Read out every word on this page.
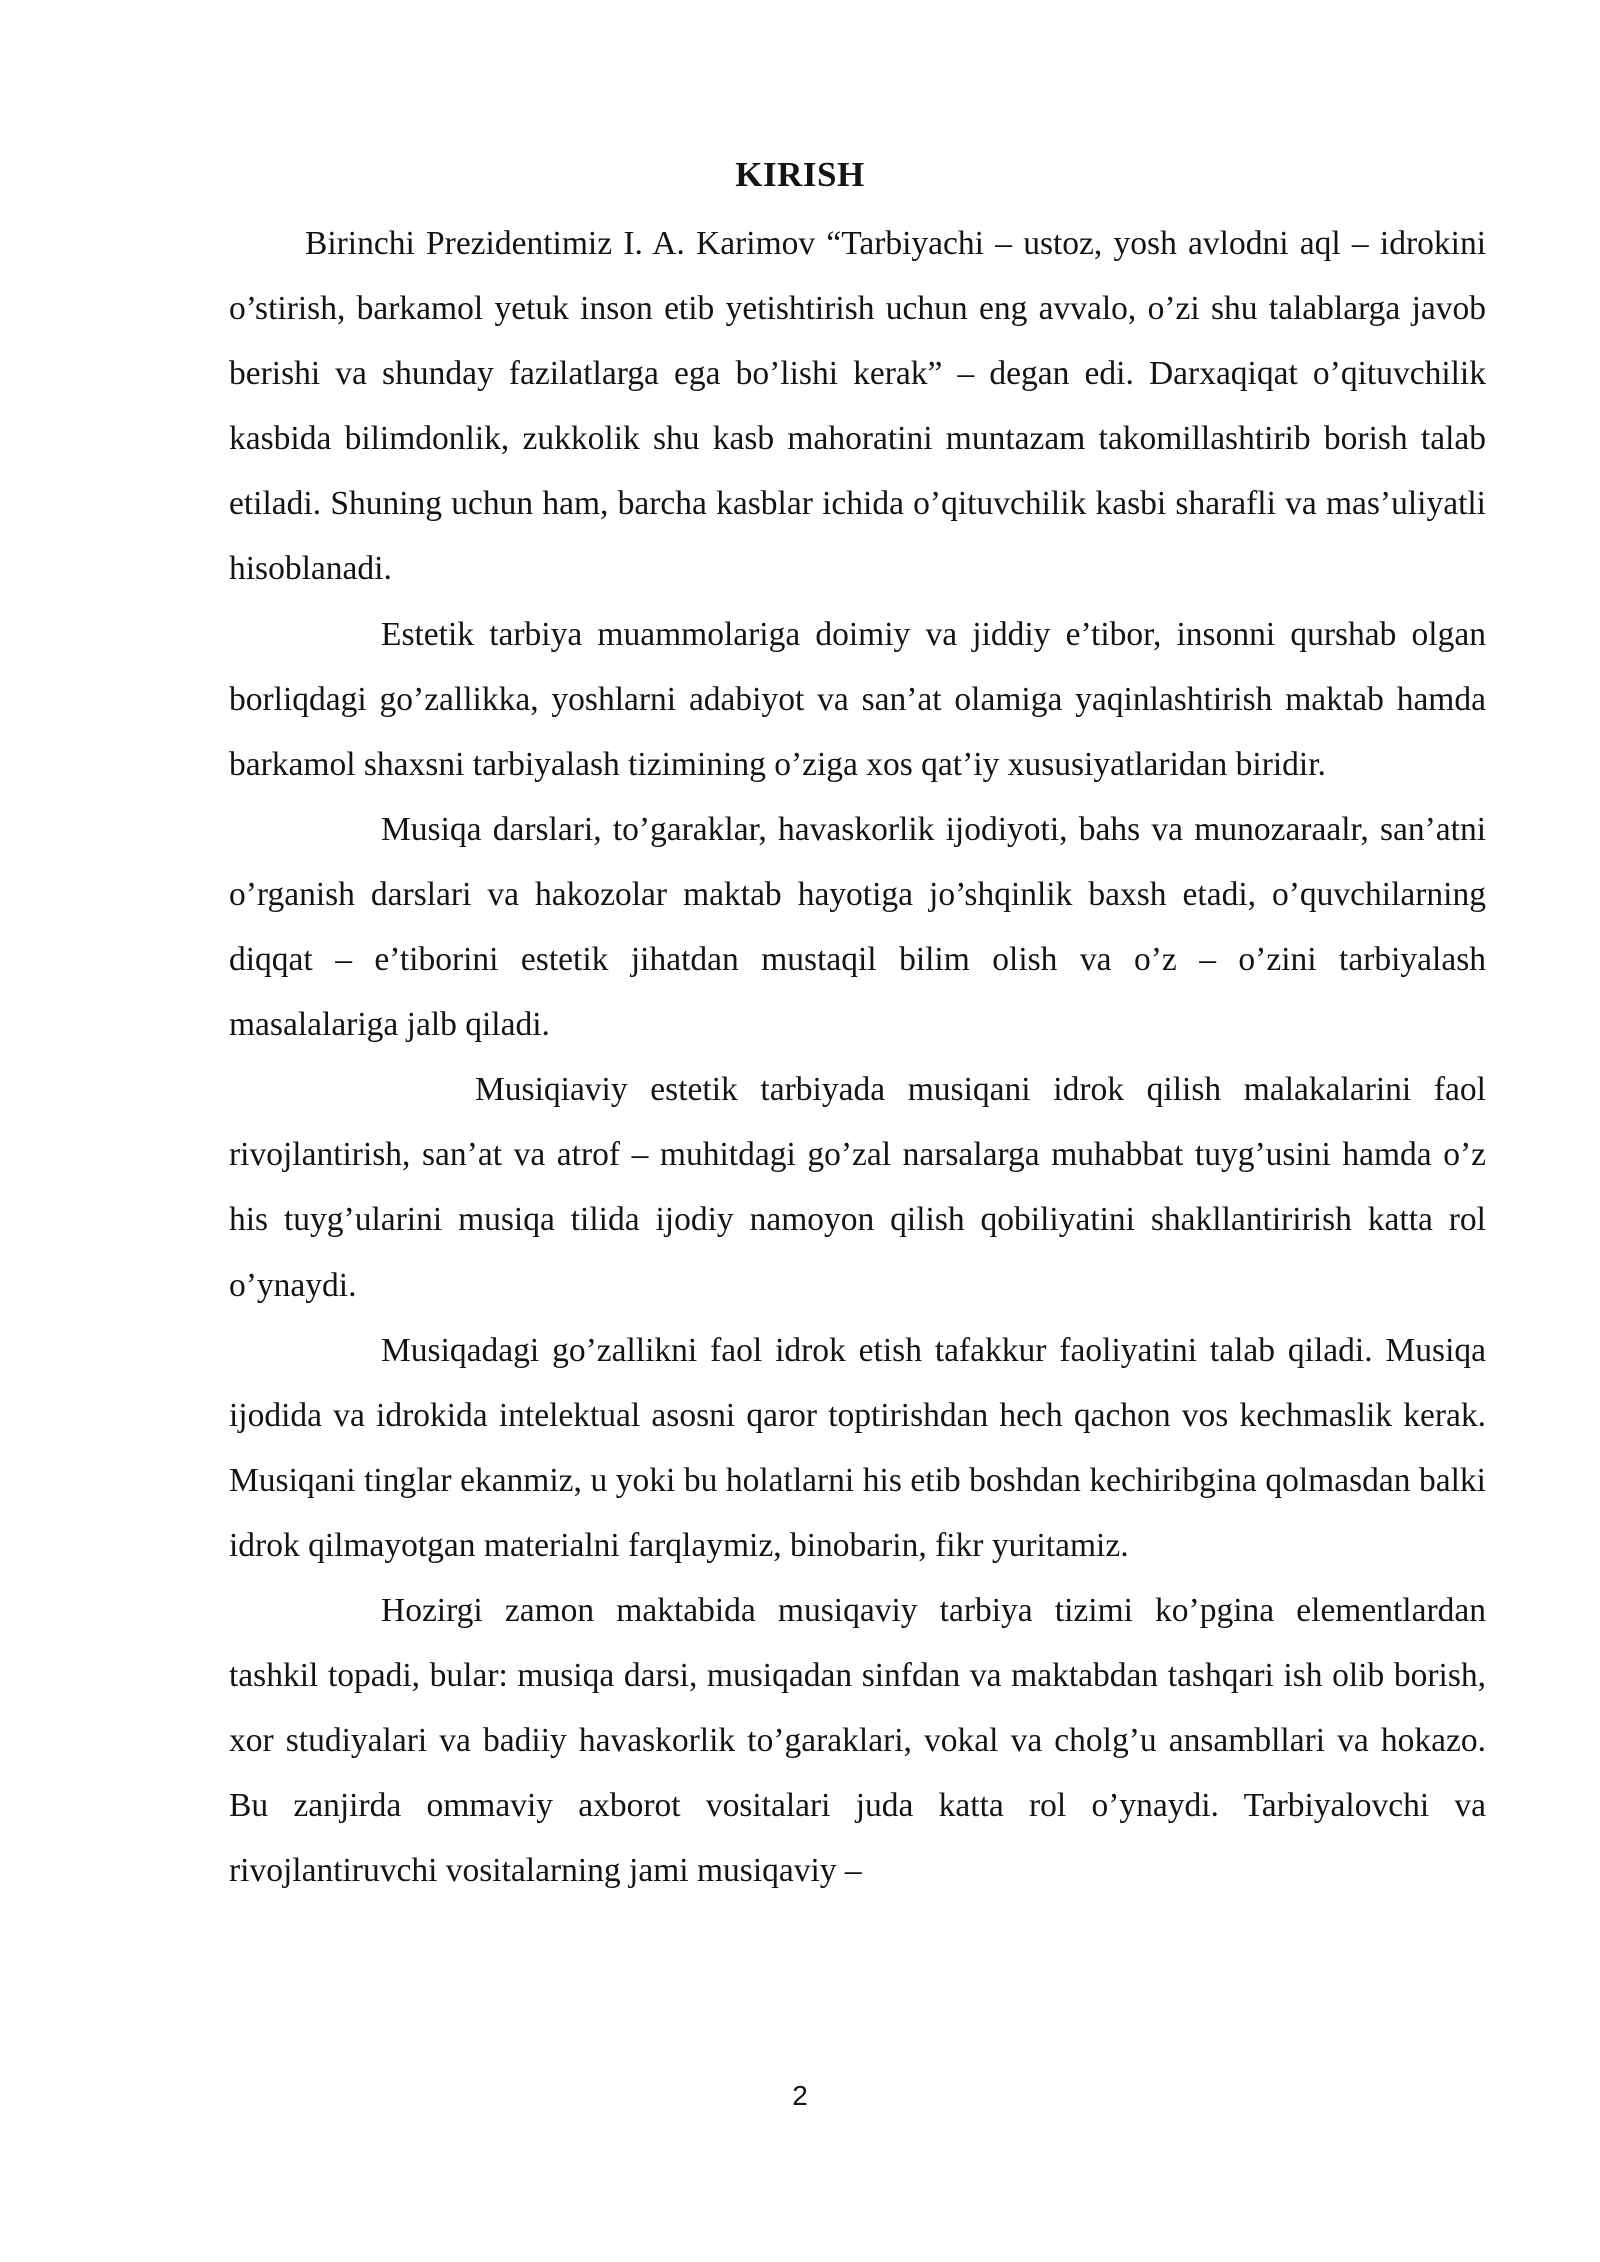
KIRISH

Birinchi Prezidentimiz I. A. Karimov “Tarbiyachi – ustoz, yosh avlodni aql – idrokini o’stirish, barkamol yetuk inson etib yetishtirish uchun eng avvalo, o’zi shu talablarga javob berishi va shunday fazilatlarga ega bo’lishi kerak” – degan edi. Darxaqiqat o’qituvchilik kasbida bilimdonlik, zukkolik shu kasb mahoratini muntazam takomillashtirib borish talab etiladi. Shuning uchun ham, barcha kasblar ichida o’qituvchilik kasbi sharafli va mas’uliyatli hisoblanadi.

Estetik tarbiya muammolariga doimiy va jiddiy e’tibor, insonni qurshab olgan borliqdagi go’zallikka, yoshlarni adabiyot va san’at olamiga yaqinlashtirish maktab hamda barkamol shaxsni tarbiyalash tizimining o’ziga xos qat’iy xususiyatlaridan biridir.

Musiqa darslari, to’garaklar, havaskorlik ijodiyoti, bahs va munozaraalr, san’atni o’rganish darslari va hakozolar maktab hayotiga jo’shqinlik baxsh etadi, o’quvchilarning diqqat – e’tiborini estetik jihatdan mustaqil bilim olish va o’z – o’zini tarbiyalash masalalariga jalb qiladi.

Musiqiaviy estetik tarbiyada musiqani idrok qilish malakalarini faol rivojlantirish, san’at va atrof – muhitdagi go’zal narsalarga muhabbat tuyg’usini hamda o’z his tuyg’ularini musiqa tilida ijodiy namoyon qilish qobiliyatini shakllantirirish katta rol o’ynaydi.

Musiqadagi go’zallikni faol idrok etish tafakkur faoliyatini talab qiladi. Musiqa ijodida va idrokida intelektual asosni qaror toptirishdan hech qachon vos kechmaslik kerak. Musiqani tinglar ekanmiz, u yoki bu holatlarni his etib boshdan kechiribgina qolmasdan balki idrok qilmayotgan materialni farqlaymiz, binobarin, fikr yuritamiz.

Hozirgi zamon maktabida musiqaviy tarbiya tizimi ko’pgina elementlardan tashkil topadi, bular: musiqa darsi, musiqadan sinfdan va maktabdan tashqari ish olib borish, xor studiyalari va badiiy havaskorlik to’garaklari, vokal va cholg’u ansambllari va hokazo. Bu zanjirda ommaviy axborot vositalari juda katta rol o’ynaydi. Tarbiyalovchi va rivojlantiruvchi vositalarning jami musiqaviy –

2
